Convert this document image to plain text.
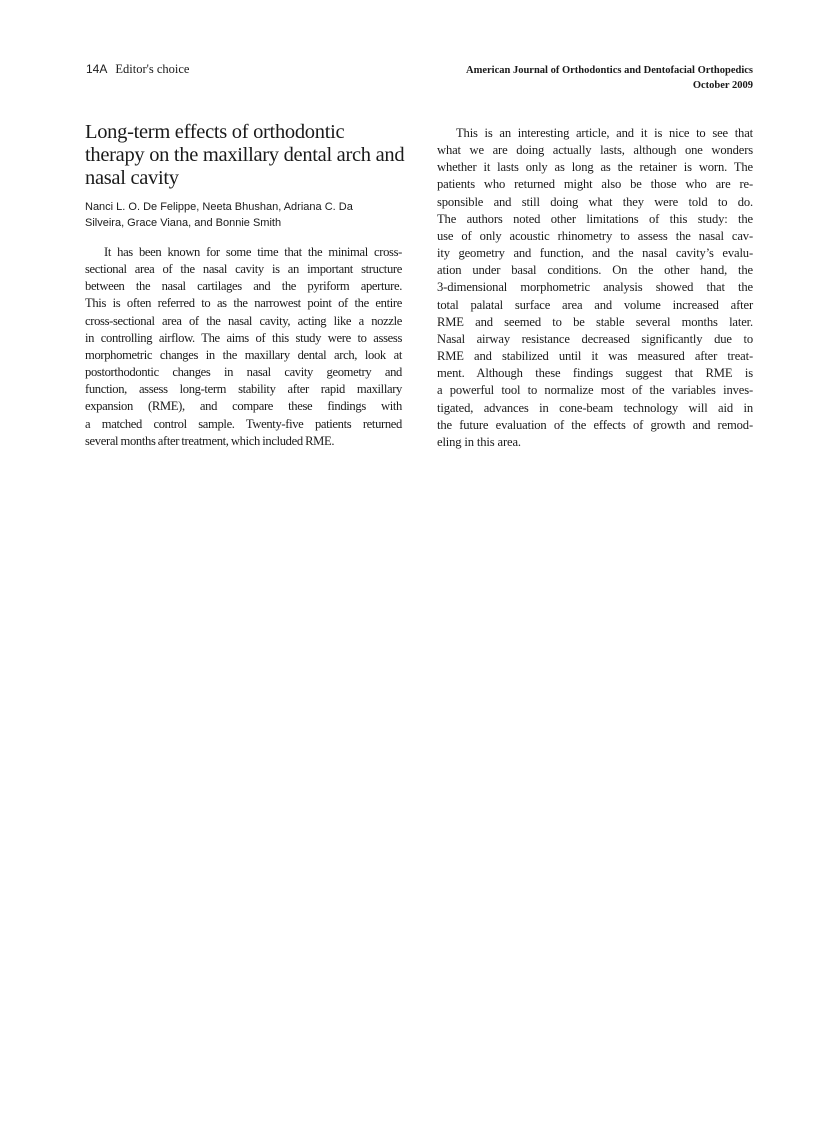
14A Editor's choice	American Journal of Orthodontics and Dentofacial Orthopedics
October 2009
Long-term effects of orthodontic
therapy on the maxillary dental arch and
nasal cavity
Nanci L. O. De Felippe, Neeta Bhushan, Adriana C. Da
Silveira, Grace Viana, and Bonnie Smith
It has been known for some time that the minimal cross-
sectional area of the nasal cavity is an important structure
between the nasal cartilages and the pyriform aperture.
This is often referred to as the narrowest point of the entire
cross-sectional area of the nasal cavity, acting like a nozzle
in controlling airflow. The aims of this study were to assess
morphometric changes in the maxillary dental arch, look at
postorthodontic changes in nasal cavity geometry and
function, assess long-term stability after rapid maxillary
expansion (RME), and compare these findings with
a matched control sample. Twenty-five patients returned
several months after treatment, which included RME.
This is an interesting article, and it is nice to see that
what we are doing actually lasts, although one wonders
whether it lasts only as long as the retainer is worn. The
patients who returned might also be those who are re-
sponsible and still doing what they were told to do.
The authors noted other limitations of this study: the
use of only acoustic rhinometry to assess the nasal cav-
ity geometry and function, and the nasal cavity’s evalu-
ation under basal conditions. On the other hand, the
3-dimensional morphometric analysis showed that the
total palatal surface area and volume increased after
RME and seemed to be stable several months later.
Nasal airway resistance decreased significantly due to
RME and stabilized until it was measured after treat-
ment. Although these findings suggest that RME is
a powerful tool to normalize most of the variables inves-
tigated, advances in cone-beam technology will aid in
the future evaluation of the effects of growth and remod-
eling in this area.
